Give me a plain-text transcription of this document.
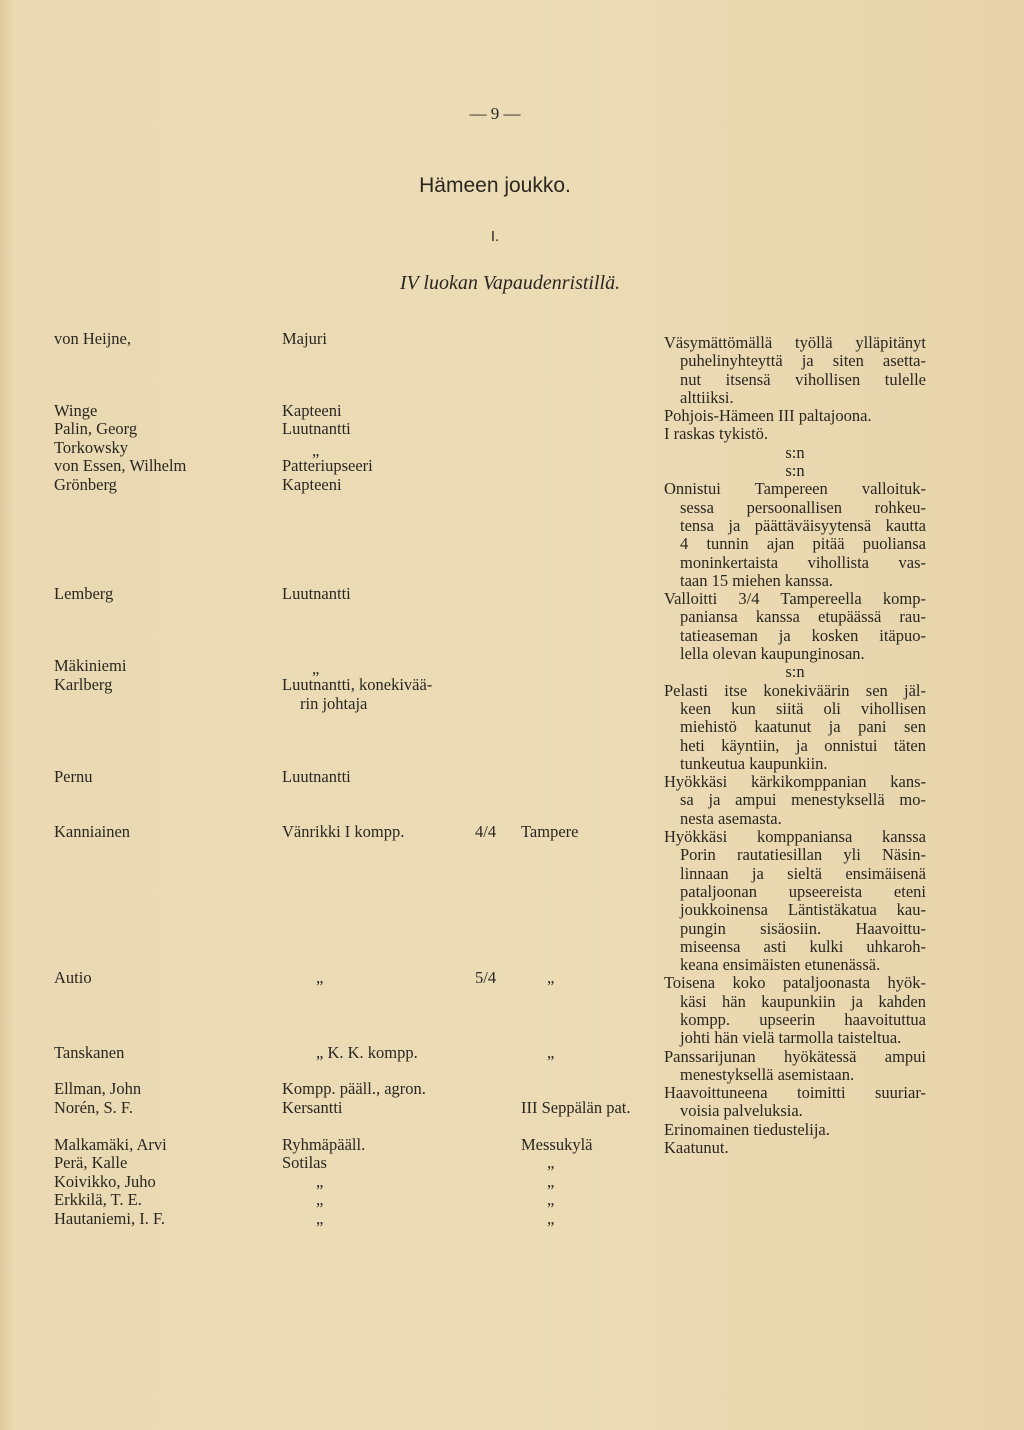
— 9 —
Hämeen joukko.
I.
IV luokan Vapaudenristillä.
von Heijne,
Winge
Palin, Georg
Torkowsky
von Essen, Wilhelm
Grönberg
Lemberg
Mäkiniemi
Karlberg
Pernu
Kanniainen
Autio
Tanskanen
Ellman, John
Norén, S. F.
Malkamäki, Arvi
Perä, Kalle
Koivikko, Juho
Erkkilä, T. E.
Hautaniemi, I. F.
Majuri
Kapteeni
Luutnantti
„
Patteriupseeri
Kapteeni
Luutnantti
„
Luutnantti, konekivää-
rin johtaja
Luutnantti
Vänrikki I kompp.
„
„ K. K. kompp.
Kompp. pääll., agron.
Kersantti
Ryhmäpääll.
Sotilas
„
„
„
4/4
5/4
Tampere
„
„
III Seppälän pat.
Messukylä
„
„
„
„
Väsymättömällä työllä ylläpitänyt
puhelinyhteyttä ja siten asetta-
nut itsensä vihollisen tulelle
alttiiksi.
Pohjois-Hämeen III paltajoona.
I raskas tykistö.
s:n
s:n
Onnistui Tampereen valloituk-
sessa persoonallisen rohkeu-
tensa ja päättäväisyytensä kautta
4 tunnin ajan pitää puoliansa
moninkertaista vihollista vas-
taan 15 miehen kanssa.
Valloitti 3/4 Tampereella komp-
paniansa kanssa etupäässä rau-
tatieaseman ja kosken itäpuo-
lella olevan kaupunginosan.
s:n
Pelasti itse konekiväärin sen jäl-
keen kun siitä oli vihollisen
miehistö kaatunut ja pani sen
heti käyntiin, ja onnistui täten
tunkeutua kaupunkiin.
Hyökkäsi kärkikomppanian kans-
sa ja ampui menestyksellä mo-
nesta asemasta.
Hyökkäsi komppaniansa kanssa
Porin rautatiesillan yli Näsin-
linnaan ja sieltä ensimäisenä
pataljoonan upseereista eteni
joukkoinensa Läntistäkatua kau-
pungin sisäosiin. Haavoittu-
miseensa asti kulki uhkaroh-
keana ensimäisten etunenässä.
Toisena koko pataljoonasta hyök-
käsi hän kaupunkiin ja kahden
kompp. upseerin haavoituttua
johti hän vielä tarmolla taisteltua.
Panssarijunan hyökätessä ampui
menestyksellä asemistaan.
Haavoittuneena toimitti suuriar-
voisia palveluksia.
Erinomainen tiedustelija.
Kaatunut.
